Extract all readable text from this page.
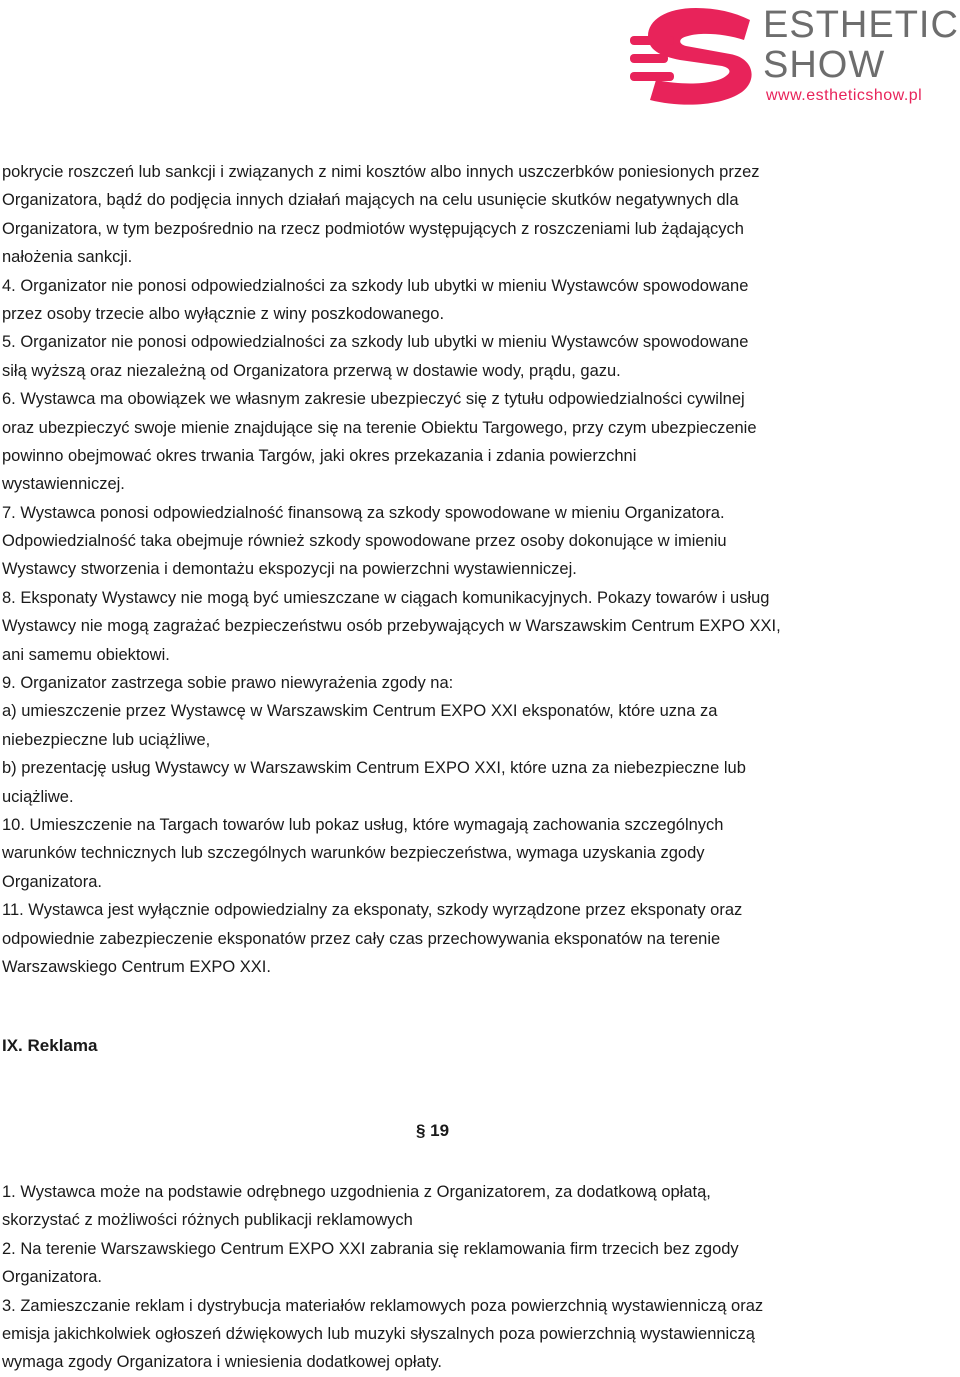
ESTHETIC
SHOW
www.estheticshow.pl
pokrycie roszczeń lub sankcji i związanych z nimi kosztów albo innych uszczerbków poniesionych przez
Organizatora, bądź do podjęcia innych działań mających na celu usunięcie skutków negatywnych dla
Organizatora, w tym bezpośrednio na rzecz podmiotów występujących z roszczeniami lub żądających
nałożenia sankcji.
4. Organizator nie ponosi odpowiedzialności za szkody lub ubytki w mieniu Wystawców spowodowane
przez osoby trzecie albo wyłącznie z winy poszkodowanego.
5. Organizator nie ponosi odpowiedzialności za szkody lub ubytki w mieniu Wystawców spowodowane
siłą wyższą oraz niezależną od Organizatora przerwą w dostawie wody, prądu, gazu.
6. Wystawca ma obowiązek we własnym zakresie ubezpieczyć się z tytułu odpowiedzialności cywilnej
oraz ubezpieczyć swoje mienie znajdujące się na terenie Obiektu Targowego, przy czym ubezpieczenie
powinno obejmować okres trwania Targów, jaki okres przekazania i zdania powierzchni
wystawienniczej.
7. Wystawca ponosi odpowiedzialność finansową za szkody spowodowane w mieniu Organizatora.
Odpowiedzialność taka obejmuje również szkody spowodowane przez osoby dokonujące w imieniu
Wystawcy stworzenia i demontażu ekspozycji na powierzchni wystawienniczej.
8. Eksponaty Wystawcy nie mogą być umieszczane w ciągach komunikacyjnych. Pokazy towarów i usług
Wystawcy nie mogą zagrażać bezpieczeństwu osób przebywających w Warszawskim Centrum EXPO XXI,
ani samemu obiektowi.
9. Organizator zastrzega sobie prawo niewyrażenia zgody na:
a) umieszczenie przez Wystawcę w Warszawskim Centrum EXPO XXI eksponatów, które uzna za
niebezpieczne lub uciążliwe,
b) prezentację usług Wystawcy w Warszawskim Centrum EXPO XXI, które uzna za niebezpieczne lub
uciążliwe.
10. Umieszczenie na Targach towarów lub pokaz usług, które wymagają zachowania szczególnych
warunków technicznych lub szczególnych warunków bezpieczeństwa, wymaga uzyskania zgody
Organizatora.
11. Wystawca jest wyłącznie odpowiedzialny za eksponaty, szkody wyrządzone przez eksponaty oraz
odpowiednie zabezpieczenie eksponatów przez cały czas przechowywania eksponatów na terenie
Warszawskiego Centrum EXPO XXI.
IX. Reklama
§ 19
1. Wystawca może na podstawie odrębnego uzgodnienia z Organizatorem, za dodatkową opłatą,
skorzystać z możliwości różnych publikacji reklamowych
2. Na terenie Warszawskiego Centrum EXPO XXI zabrania się reklamowania firm trzecich bez zgody
Organizatora.
3. Zamieszczanie reklam i dystrybucja materiałów reklamowych poza powierzchnią wystawienniczą oraz
emisja jakichkolwiek ogłoszeń dźwiękowych lub muzyki słyszalnych poza powierzchnią wystawienniczą
wymaga zgody Organizatora i wniesienia dodatkowej opłaty.
